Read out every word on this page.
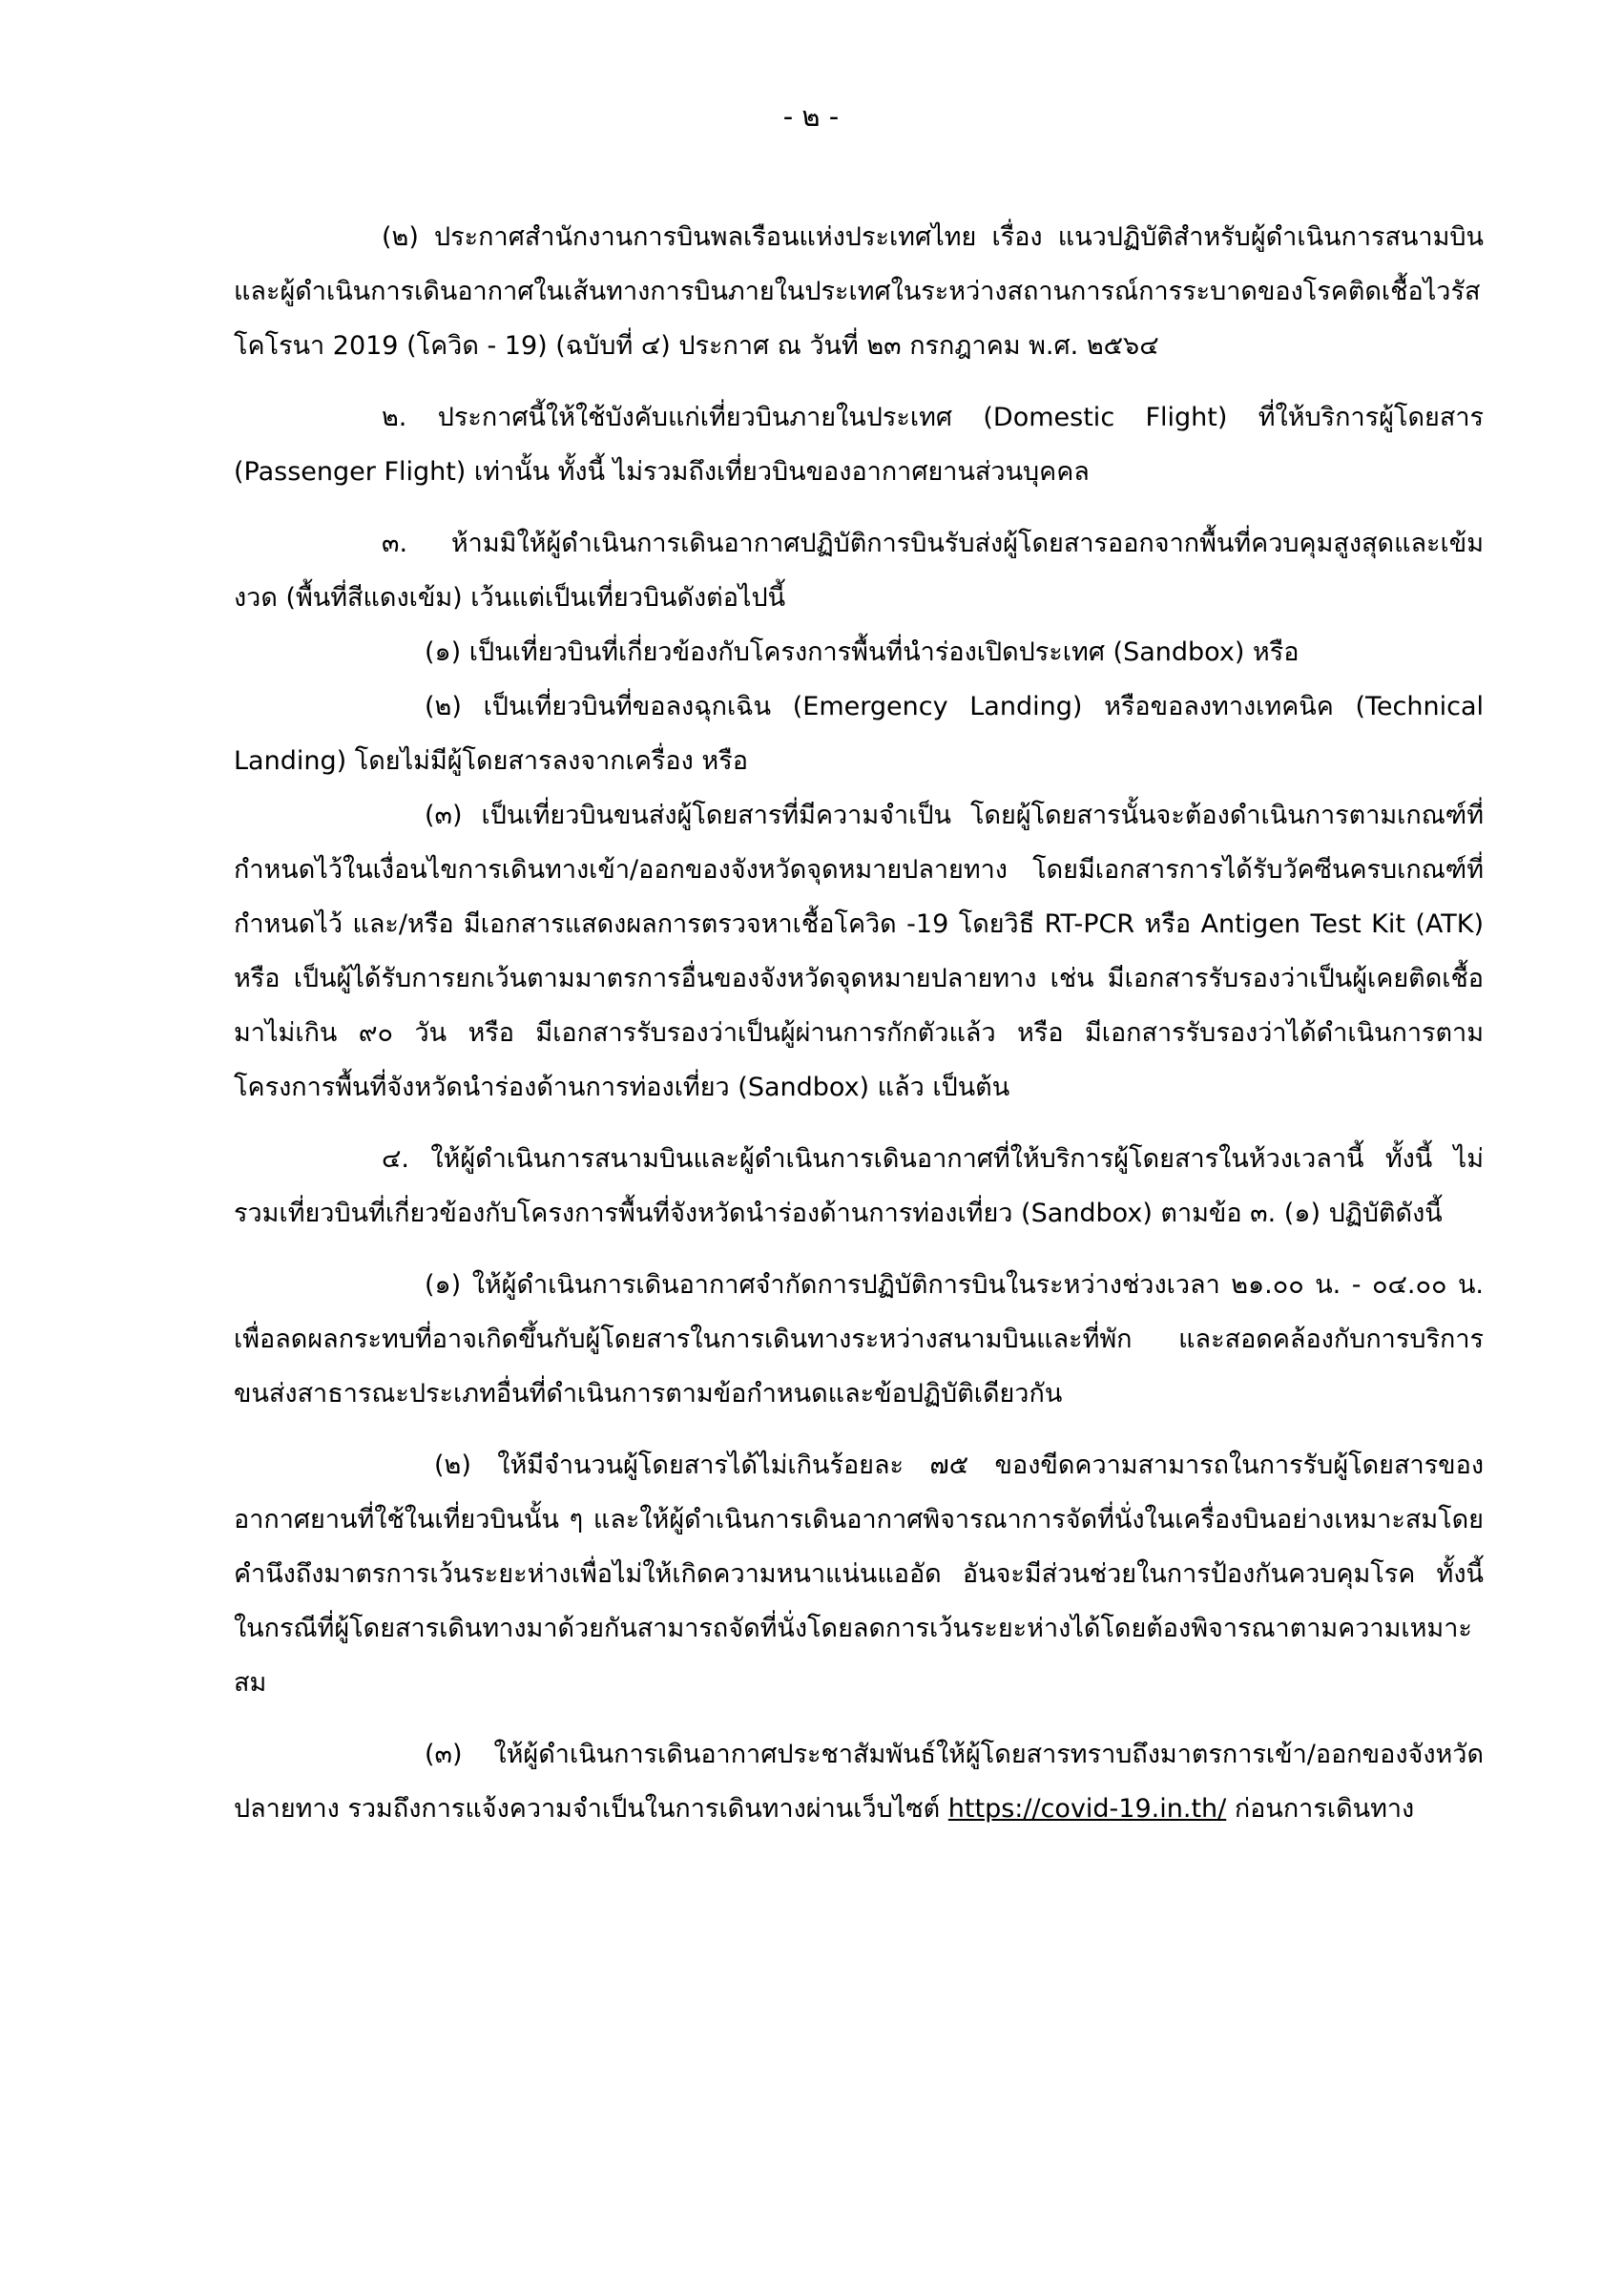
- ๒ -

(๒) ประกาศสำนักงานการบินพลเรือนแห่งประเทศไทย เรื่อง แนวปฏิบัติสำหรับผู้ดำเนินการสนามบินและผู้ดำเนินการเดินอากาศในเส้นทางการบินภายในประเทศในระหว่างสถานการณ์การระบาดของโรคติดเชื้อไวรัสโคโรนา 2019 (โควิด - 19) (ฉบับที่ ๔) ประกาศ ณ วันที่ ๒๓ กรกฎาคม พ.ศ. ๒๕๖๔

๒. ประกาศนี้ให้ใช้บังคับแก่เที่ยวบินภายในประเทศ (Domestic Flight) ที่ให้บริการผู้โดยสาร (Passenger Flight) เท่านั้น ทั้งนี้ ไม่รวมถึงเที่ยวบินของอากาศยานส่วนบุคคล

๓. ห้ามมิให้ผู้ดำเนินการเดินอากาศปฏิบัติการบินรับส่งผู้โดยสารออกจากพื้นที่ควบคุมสูงสุดและเข้มงวด (พื้นที่สีแดงเข้ม) เว้นแต่เป็นเที่ยวบินดังต่อไปนี้

(๑) เป็นเที่ยวบินที่เกี่ยวข้องกับโครงการพื้นที่นำร่องเปิดประเทศ (Sandbox) หรือ

(๒) เป็นเที่ยวบินที่ขอลงฉุกเฉิน (Emergency Landing) หรือขอลงทางเทคนิค (Technical Landing) โดยไม่มีผู้โดยสารลงจากเครื่อง หรือ

(๓) เป็นเที่ยวบินขนส่งผู้โดยสารที่มีความจำเป็น โดยผู้โดยสารนั้นจะต้องดำเนินการตามเกณฑ์ที่กำหนดไว้ในเงื่อนไขการเดินทางเข้า/ออกของจังหวัดจุดหมายปลายทาง โดยมีเอกสารการได้รับวัคซีนครบเกณฑ์ที่กำหนดไว้ และ/หรือ มีเอกสารแสดงผลการตรวจหาเชื้อโควิด -19 โดยวิธี RT-PCR หรือ Antigen Test Kit (ATK) หรือ เป็นผู้ได้รับการยกเว้นตามมาตรการอื่นของจังหวัดจุดหมายปลายทาง เช่น มีเอกสารรับรองว่าเป็นผู้เคยติดเชื้อมาไม่เกิน ๙๐ วัน หรือ มีเอกสารรับรองว่าเป็นผู้ผ่านการกักตัวแล้ว หรือ มีเอกสารรับรองว่าได้ดำเนินการตามโครงการพื้นที่จังหวัดนำร่องด้านการท่องเที่ยว (Sandbox) แล้ว เป็นต้น

๔. ให้ผู้ดำเนินการสนามบินและผู้ดำเนินการเดินอากาศที่ให้บริการผู้โดยสารในห้วงเวลานี้ ทั้งนี้ ไม่รวมเที่ยวบินที่เกี่ยวข้องกับโครงการพื้นที่จังหวัดนำร่องด้านการท่องเที่ยว (Sandbox) ตามข้อ ๓. (๑) ปฏิบัติดังนี้

(๑) ให้ผู้ดำเนินการเดินอากาศจำกัดการปฏิบัติการบินในระหว่างช่วงเวลา ๒๑.๐๐ น. - ๐๔.๐๐ น. เพื่อลดผลกระทบที่อาจเกิดขึ้นกับผู้โดยสารในการเดินทางระหว่างสนามบินและที่พัก และสอดคล้องกับการบริการขนส่งสาธารณะประเภทอื่นที่ดำเนินการตามข้อกำหนดและข้อปฏิบัติเดียวกัน

(๒) ให้มีจำนวนผู้โดยสารได้ไม่เกินร้อยละ ๗๕ ของขีดความสามารถในการรับผู้โดยสารของอากาศยานที่ใช้ในเที่ยวบินนั้น ๆ และให้ผู้ดำเนินการเดินอากาศพิจารณาการจัดที่นั่งในเครื่องบินอย่างเหมาะสมโดยคำนึงถึงมาตรการเว้นระยะห่างเพื่อไม่ให้เกิดความหนาแน่นแออัด อันจะมีส่วนช่วยในการป้องกันควบคุมโรค ทั้งนี้ในกรณีที่ผู้โดยสารเดินทางมาด้วยกันสามารถจัดที่นั่งโดยลดการเว้นระยะห่างได้โดยต้องพิจารณาตามความเหมาะสม

(๓) ให้ผู้ดำเนินการเดินอากาศประชาสัมพันธ์ให้ผู้โดยสารทราบถึงมาตรการเข้า/ออกของจังหวัดปลายทาง รวมถึงการแจ้งความจำเป็นในการเดินทางผ่านเว็บไซต์ https://covid-19.in.th/ ก่อนการเดินทาง
